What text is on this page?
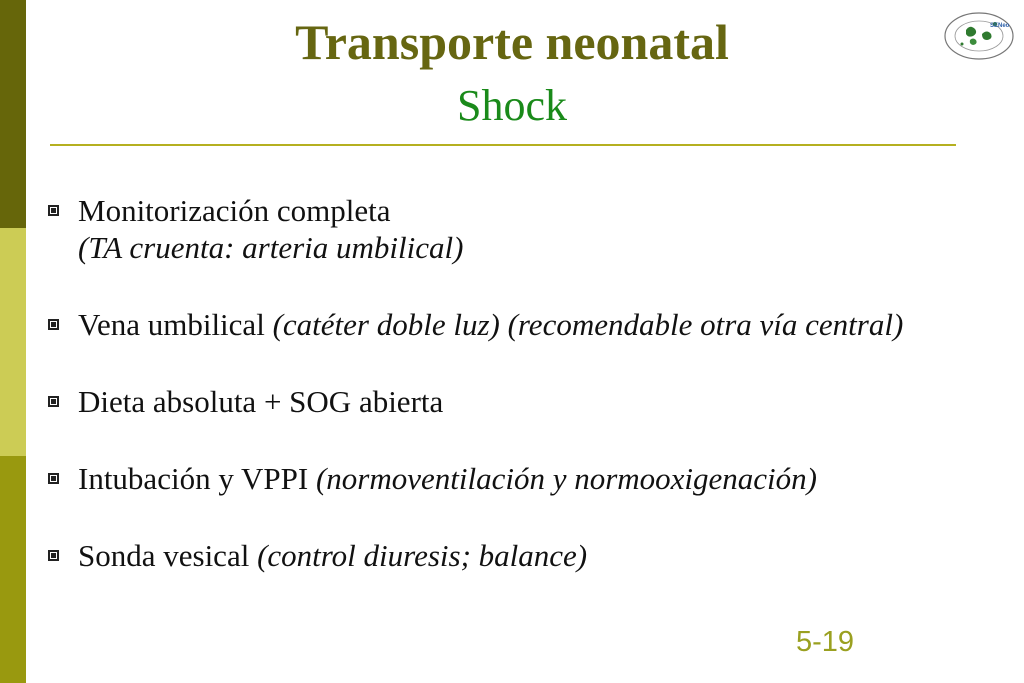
Transporte neonatal
Shock
SENeo
Monitorización completa
(TA cruenta: arteria umbilical)
Vena umbilical (catéter doble luz) (recomendable otra vía central)
Dieta absoluta + SOG abierta
Intubación y VPPI (normoventilación y normooxigenación)
Sonda vesical (control diuresis; balance)
5-19
